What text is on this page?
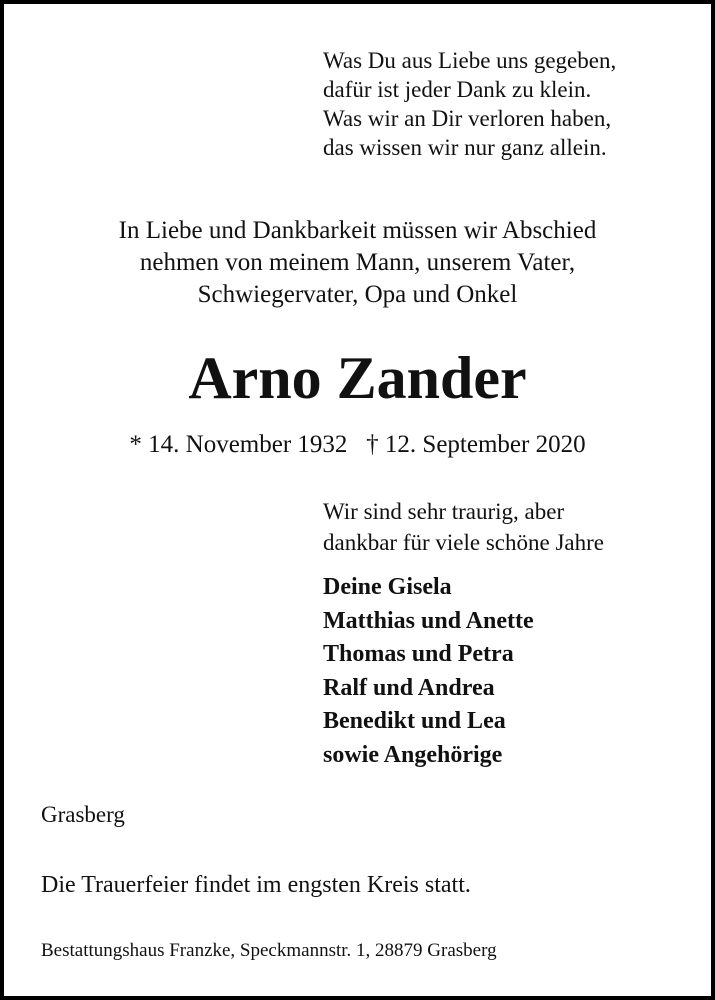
Was Du aus Liebe uns gegeben,
dafür ist jeder Dank zu klein.
Was wir an Dir verloren haben,
das wissen wir nur ganz allein.
In Liebe und Dankbarkeit müssen wir Abschied
nehmen von meinem Mann, unserem Vater,
Schwiegervater, Opa und Onkel
Arno Zander
* 14. November 1932   † 12. September 2020
Wir sind sehr traurig, aber
dankbar für viele schöne Jahre
Deine Gisela
Matthias und Anette
Thomas und Petra
Ralf und Andrea
Benedikt und Lea
sowie Angehörige
Grasberg
Die Trauerfeier findet im engsten Kreis statt.
Bestattungshaus Franzke, Speckmannstr. 1, 28879 Grasberg
